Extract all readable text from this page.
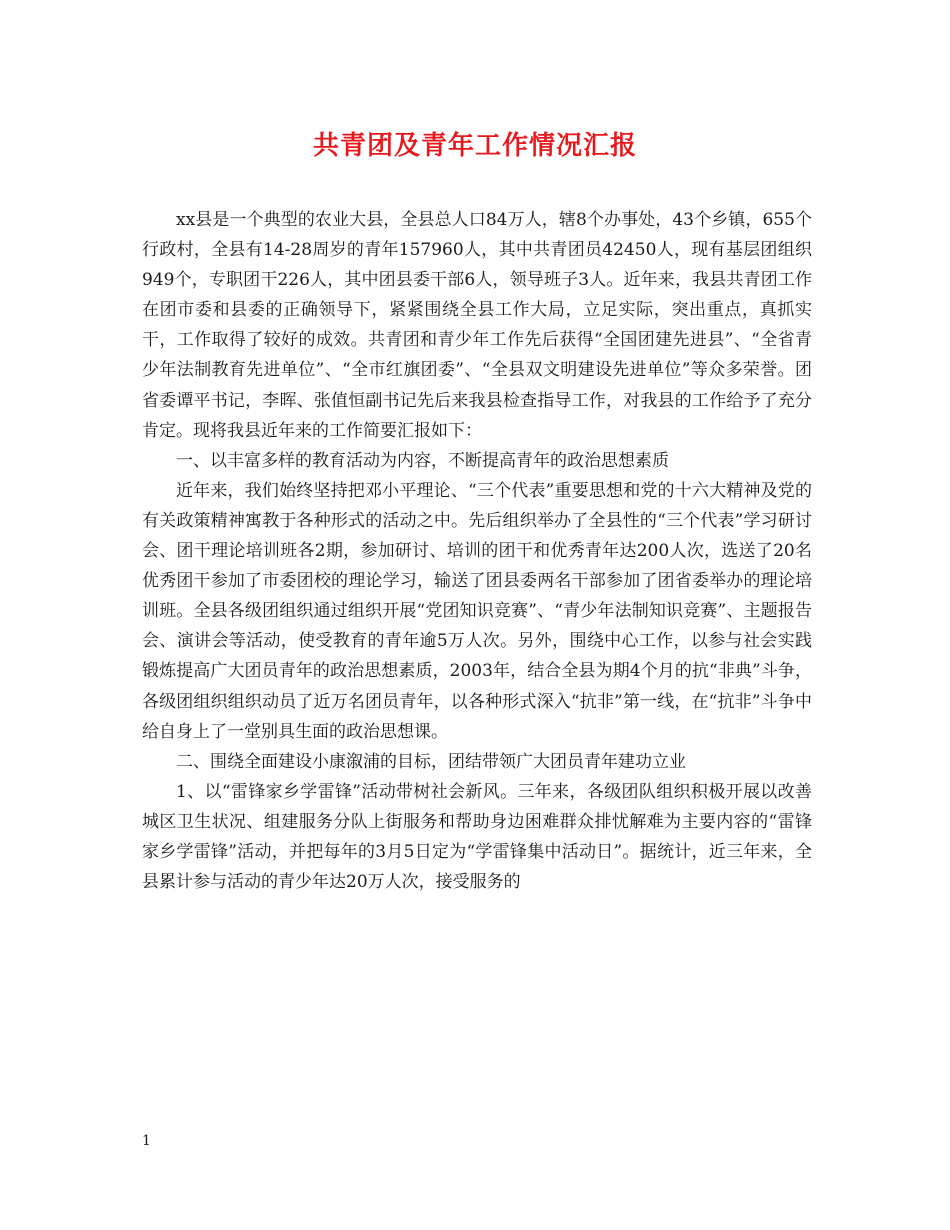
共青团及青年工作情况汇报

xx县是一个典型的农业大县，全县总人口84万人，辖8个办事处，43个乡镇，655个行政村，全县有14-28周岁的青年157960人，其中共青团员42450人，现有基层团组织949个，专职团干226人，其中团县委干部6人，领导班子3人。近年来，我县共青团工作在团市委和县委的正确领导下，紧紧围绕全县工作大局，立足实际，突出重点，真抓实干，工作取得了较好的成效。共青团和青少年工作先后获得“全国团建先进县”、“全省青少年法制教育先进单位”、“全市红旗团委”、“全县双文明建设先进单位”等众多荣誉。团省委谭平书记，李晖、张值恒副书记先后来我县检查指导工作，对我县的工作给予了充分肯定。现将我县近年来的工作简要汇报如下：

一、以丰富多样的教育活动为内容，不断提高青年的政治思想素质

近年来，我们始终坚持把邓小平理论、“三个代表”重要思想和党的十六大精神及党的有关政策精神寓教于各种形式的活动之中。先后组织举办了全县性的“三个代表”学习研讨会、团干理论培训班各2期，参加研讨、培训的团干和优秀青年达200人次，选送了20名优秀团干参加了市委团校的理论学习，输送了团县委两名干部参加了团省委举办的理论培训班。全县各级团组织通过组织开展“党团知识竞赛”、“青少年法制知识竞赛”、主题报告会、演讲会等活动，使受教育的青年逾5万人次。另外，围绕中心工作，以参与社会实践锻炼提高广大团员青年的政治思想素质，2003年，结合全县为期4个月的抗“非典”斗争，各级团组织组织动员了近万名团员青年，以各种形式深入“抗非”第一线，在“抗非”斗争中给自身上了一堂别具生面的政治思想课。

二、围绕全面建设小康溆浦的目标，团结带领广大团员青年建功立业

1、以“雷锋家乡学雷锋”活动带树社会新风。三年来，各级团队组织积极开展以改善城区卫生状况、组建服务分队上街服务和帮助身边困难群众排忧解难为主要内容的“雷锋家乡学雷锋”活动，并把每年的3月5日定为“学雷锋集中活动日”。据统计，近三年来，全县累计参与活动的青少年达20万人次，接受服务的

1
